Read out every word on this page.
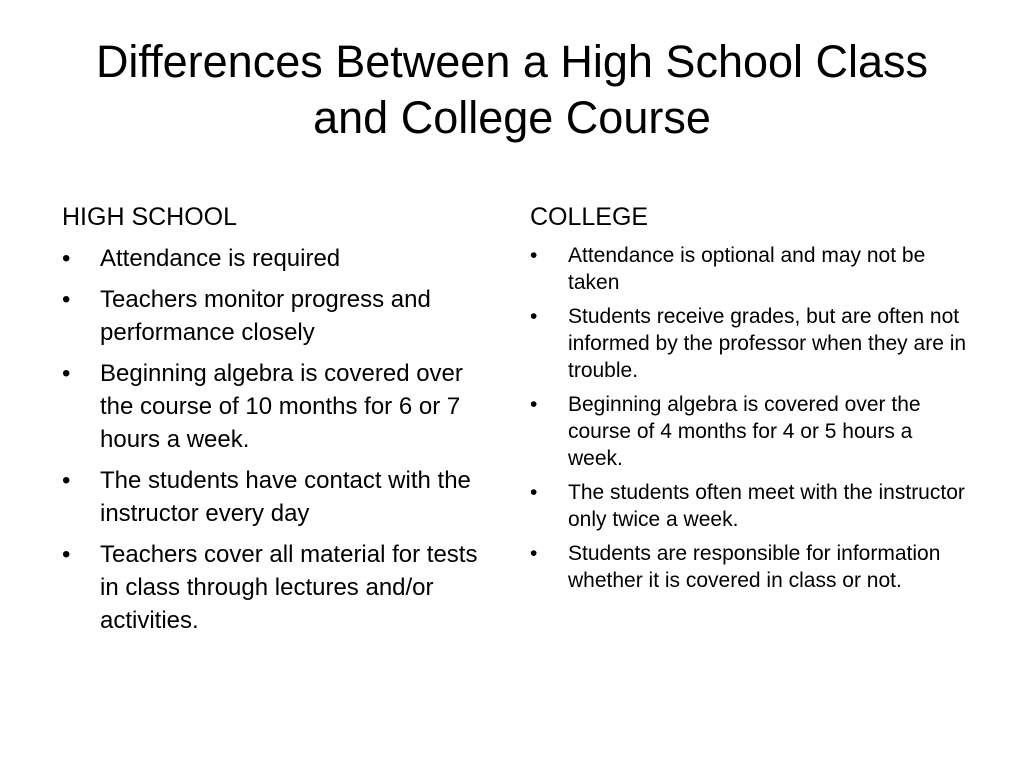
Differences Between a High School Class and College Course
HIGH SCHOOL
• Attendance is required
• Teachers monitor progress and performance closely
• Beginning algebra is covered over the course of 10 months for 6 or 7 hours a week.
• The students have contact with the instructor every day
• Teachers cover all material for tests in class through lectures and/or activities.
COLLEGE
• Attendance is optional and may not be taken
• Students receive grades, but are often not informed by the professor when they are in trouble.
• Beginning algebra is covered over the course of 4 months for 4 or 5 hours a week.
• The students often meet with the instructor only twice a week.
• Students are responsible for information whether it is covered in class or not.
